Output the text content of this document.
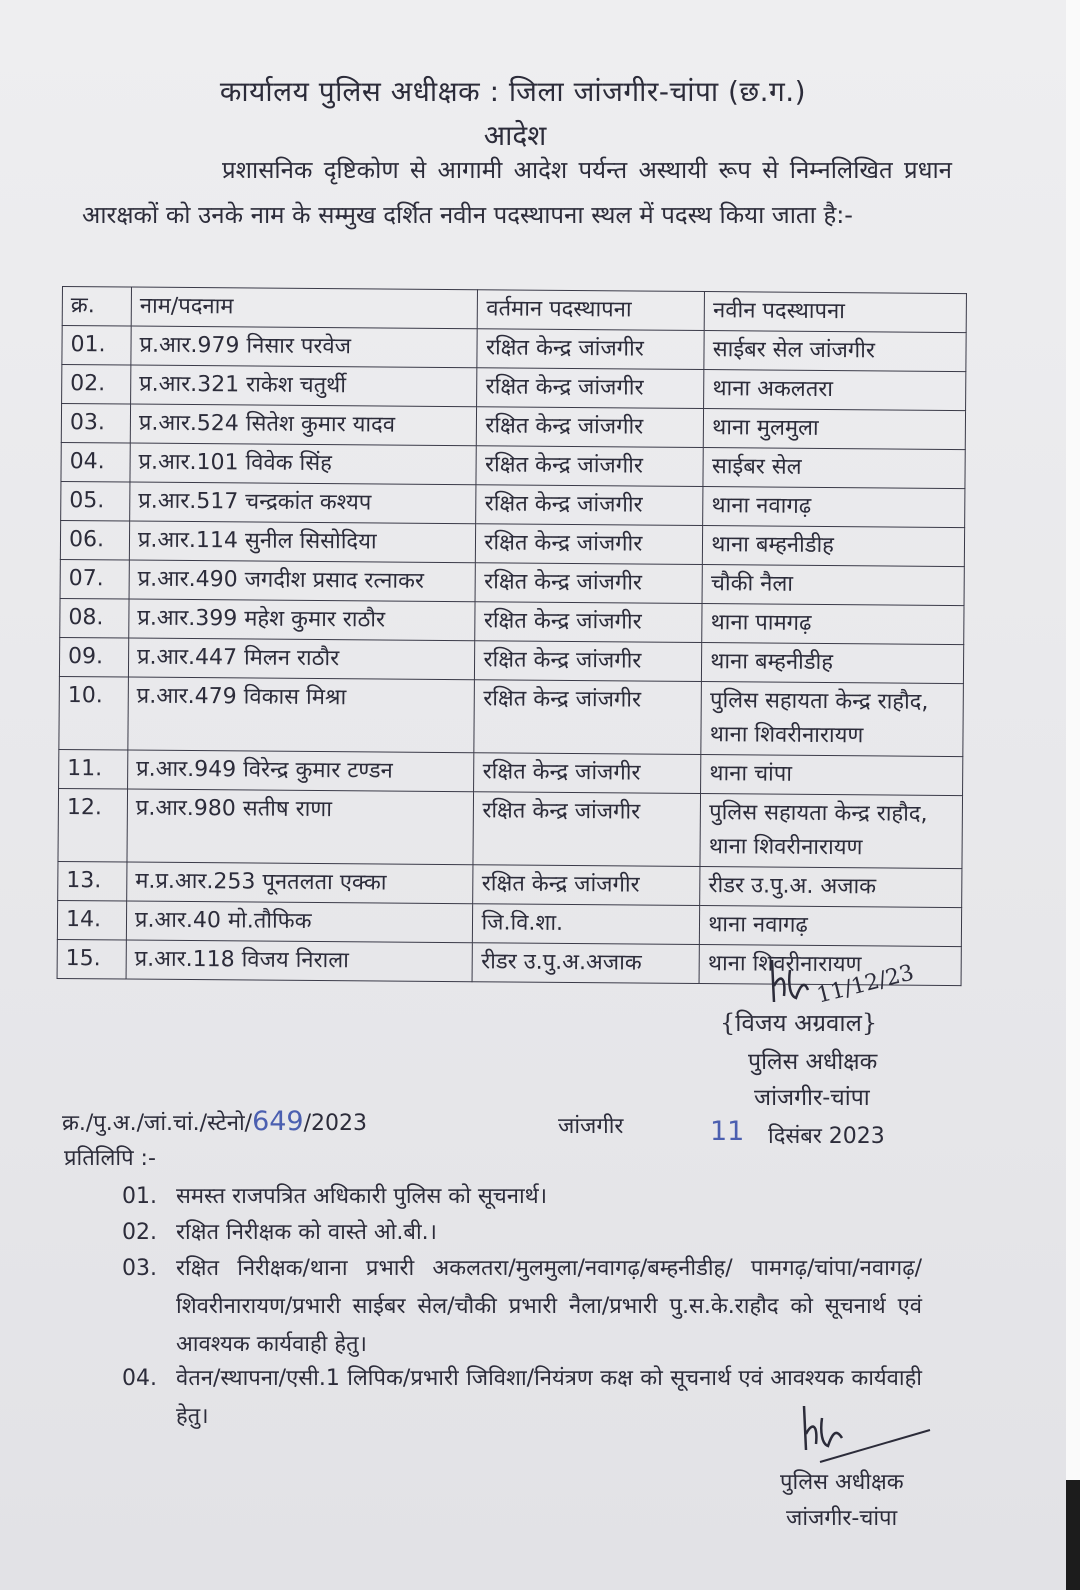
कार्यालय पुलिस अधीक्षक : जिला जांजगीर-चांपा (छ.ग.)
आदेश
प्रशासनिक दृष्टिकोण से आगामी आदेश पर्यन्त अस्थायी रूप से निम्नलिखित प्रधान आरक्षकों को उनके नाम के सम्मुख दर्शित नवीन पदस्थापना स्थल में पदस्थ किया जाता है:-
क्र.	नाम/पदनाम	वर्तमान पदस्थापना	नवीन पदस्थापना
01.	प्र.आर.979 निसार परवेज	रक्षित केन्द्र जांजगीर	साईबर सेल जांजगीर
02.	प्र.आर.321 राकेश चतुर्थी	रक्षित केन्द्र जांजगीर	थाना अकलतरा
03.	प्र.आर.524 सितेश कुमार यादव	रक्षित केन्द्र जांजगीर	थाना मुलमुला
04.	प्र.आर.101 विवेक सिंह	रक्षित केन्द्र जांजगीर	साईबर सेल
05.	प्र.आर.517 चन्द्रकांत कश्यप	रक्षित केन्द्र जांजगीर	थाना नवागढ़
06.	प्र.आर.114 सुनील सिसोदिया	रक्षित केन्द्र जांजगीर	थाना बम्हनीडीह
07.	प्र.आर.490 जगदीश प्रसाद रत्नाकर	रक्षित केन्द्र जांजगीर	चौकी नैला
08.	प्र.आर.399 महेश कुमार राठौर	रक्षित केन्द्र जांजगीर	थाना पामगढ़
09.	प्र.आर.447 मिलन राठौर	रक्षित केन्द्र जांजगीर	थाना बम्हनीडीह
10.	प्र.आर.479 विकास मिश्रा	रक्षित केन्द्र जांजगीर	पुलिस सहायता केन्द्र राहौद, थाना शिवरीनारायण
11.	प्र.आर.949 विरेन्द्र कुमार टण्डन	रक्षित केन्द्र जांजगीर	थाना चांपा
12.	प्र.आर.980 सतीष राणा	रक्षित केन्द्र जांजगीर	पुलिस सहायता केन्द्र राहौद, थाना शिवरीनारायण
13.	म.प्र.आर.253 पूनतलता एक्का	रक्षित केन्द्र जांजगीर	रीडर उ.पु.अ. अजाक
14.	प्र.आर.40 मो.तौफिक	जि.वि.शा.	थाना नवागढ़
15.	प्र.आर.118 विजय निराला	रीडर उ.पु.अ.अजाक	थाना शिवरीनारायण
11/12/23
{विजय अग्रवाल}
पुलिस अधीक्षक
जांजगीर-चांपा
क्र./पु.अ./जां.चां./स्टेनो/649/2023	जांजगीर	11 दिसंबर 2023
प्रतिलिपि :-
01. समस्त राजपत्रित अधिकारी पुलिस को सूचनार्थ।
02. रक्षित निरीक्षक को वास्ते ओ.बी.।
03. रक्षित निरीक्षक/थाना प्रभारी अकलतरा/मुलमुला/नवागढ़/बम्हनीडीह/ पामगढ़/चांपा/नवागढ़/शिवरीनारायण/प्रभारी साईबर सेल/चौकी प्रभारी नैला/प्रभारी पु.स.के.राहौद को सूचनार्थ एवं आवश्यक कार्यवाही हेतु।
04. वेतन/स्थापना/एसी.1 लिपिक/प्रभारी जिविशा/नियंत्रण कक्ष को सूचनार्थ एवं आवश्यक कार्यवाही हेतु।
पुलिस अधीक्षक
जांजगीर-चांपा
